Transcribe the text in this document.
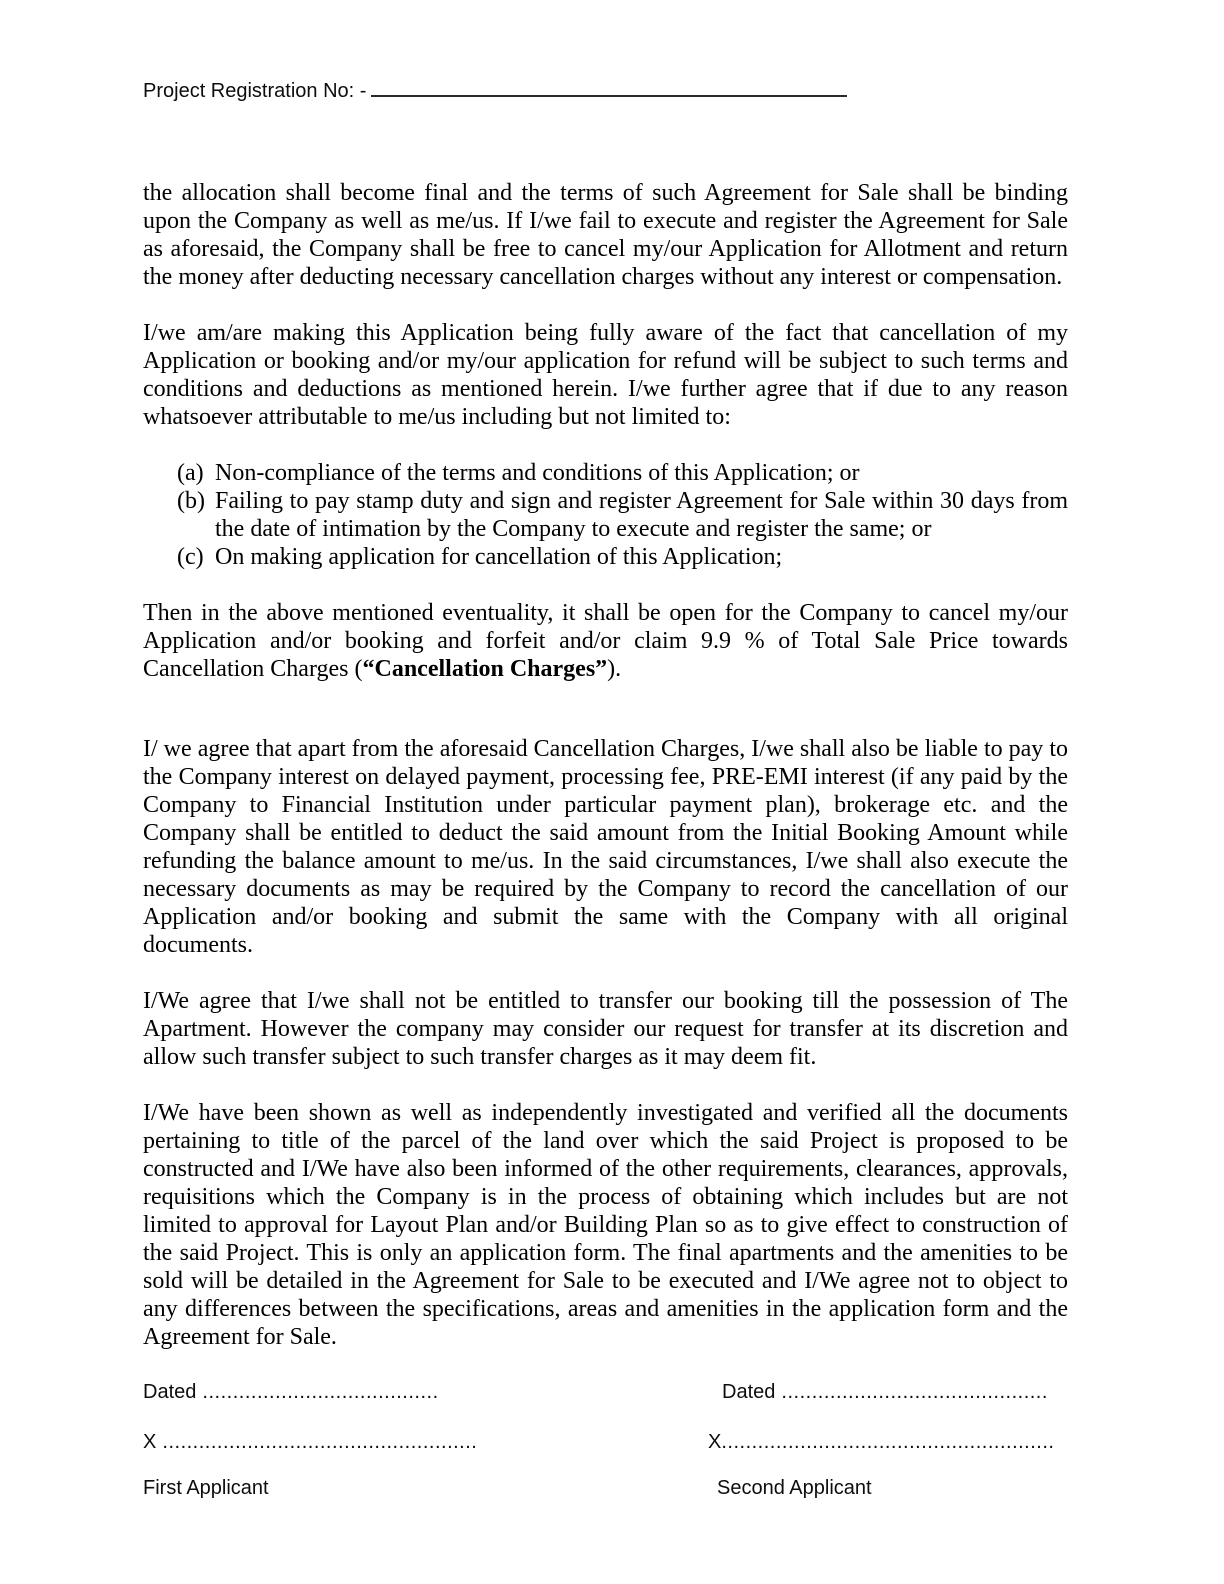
Project Registration No: -

the allocation shall become final and the terms of such Agreement for Sale shall be binding upon the Company as well as me/us. If I/we fail to execute and register the Agreement for Sale as aforesaid, the Company shall be free to cancel my/our Application for Allotment and return the money after deducting necessary cancellation charges without any interest or compensation.

I/we am/are making this Application being fully aware of the fact that cancellation of my Application or booking and/or my/our application for refund will be subject to such terms and conditions and deductions as mentioned herein. I/we further agree that if due to any reason whatsoever attributable to me/us including but not limited to:

(a) Non-compliance of the terms and conditions of this Application; or
(b) Failing to pay stamp duty and sign and register Agreement for Sale within 30 days from the date of intimation by the Company to execute and register the same; or
(c) On making application for cancellation of this Application;

Then in the above mentioned eventuality, it shall be open for the Company to cancel my/our Application and/or booking and forfeit and/or claim 9.9 % of Total Sale Price towards Cancellation Charges (“Cancellation Charges”).

I/ we agree that apart from the aforesaid Cancellation Charges, I/we shall also be liable to pay to the Company interest on delayed payment, processing fee, PRE-EMI interest (if any paid by the Company to Financial Institution under particular payment plan), brokerage etc. and the Company shall be entitled to deduct the said amount from the Initial Booking Amount while refunding the balance amount to me/us. In the said circumstances, I/we shall also execute the necessary documents as may be required by the Company to record the cancellation of our Application and/or booking and submit the same with the Company with all original documents.

I/We agree that I/we shall not be entitled to transfer our booking till the possession of The Apartment. However the company may consider our request for transfer at its discretion and allow such transfer subject to such transfer charges as it may deem fit.

I/We have been shown as well as independently investigated and verified all the documents pertaining to title of the parcel of the land over which the said Project is proposed to be constructed and I/We have also been informed of the other requirements, clearances, approvals, requisitions which the Company is in the process of obtaining which includes but are not limited to approval for Layout Plan and/or Building Plan so as to give effect to construction of the said Project. This is only an application form. The final apartments and the amenities to be sold will be detailed in the Agreement for Sale to be executed and I/We agree not to object to any differences between the specifications, areas and amenities in the application form and the Agreement for Sale.

Dated .......................................	Dated ............................................
X ....................................................	X.......................................................
First Applicant	Second Applicant
